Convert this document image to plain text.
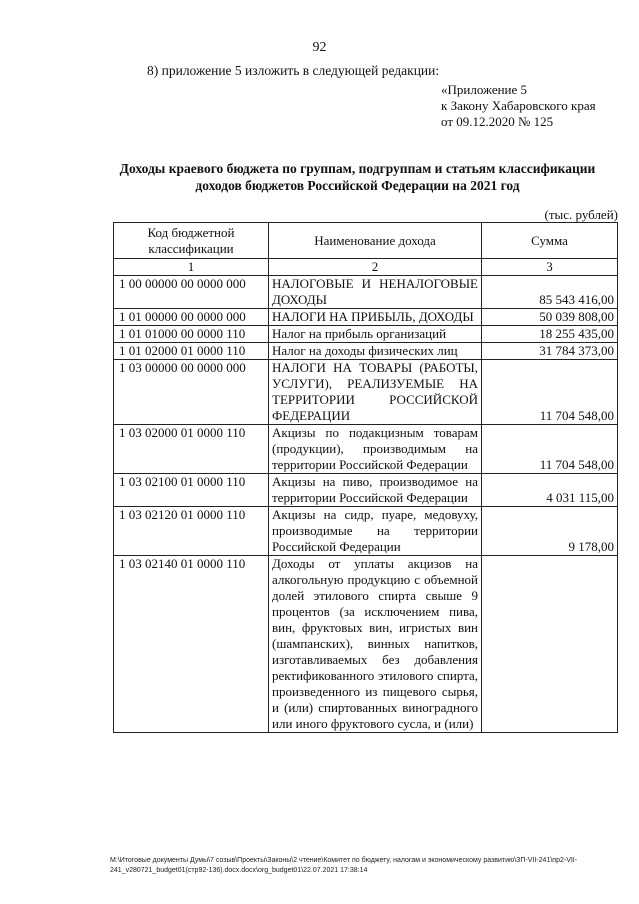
92
8) приложение 5 изложить в следующей редакции:
«Приложение 5
к Закону Хабаровского края
от 09.12.2020 № 125
Доходы краевого бюджета по группам, подгруппам и статьям классификации
доходов бюджетов Российской Федерации на 2021 год
(тыс. рублей)
Код бюджетной классификации	Наименование дохода	Сумма
1	2	3
1 00 00000 00 0000 000	НАЛОГОВЫЕ И НЕНАЛОГОВЫЕ ДОХОДЫ	85 543 416,00
1 01 00000 00 0000 000	НАЛОГИ НА ПРИБЫЛЬ, ДОХОДЫ	50 039 808,00
1 01 01000 00 0000 110	Налог на прибыль организаций	18 255 435,00
1 01 02000 01 0000 110	Налог на доходы физических лиц	31 784 373,00
1 03 00000 00 0000 000	НАЛОГИ НА ТОВАРЫ (РАБОТЫ, УСЛУГИ), РЕАЛИЗУЕМЫЕ НА ТЕРРИТОРИИ РОССИЙСКОЙ ФЕДЕРАЦИИ	11 704 548,00
1 03 02000 01 0000 110	Акцизы по подакцизным товарам (продукции), производимым на территории Российской Федерации	11 704 548,00
1 03 02100 01 0000 110	Акцизы на пиво, производимое на территории Российской Федерации	4 031 115,00
1 03 02120 01 0000 110	Акцизы на сидр, пуаре, медовуху, производимые на территории Российской Федерации	9 178,00
1 03 02140 01 0000 110	Доходы от уплаты акцизов на алкогольную продукцию с объемной долей этилового спирта свыше 9 процентов (за исключением пива, вин, фруктовых вин, игристых вин (шампанских), винных напитков, изготавливаемых без добавления ректификованного этилового спирта, произведенного из пищевого сырья, и (или) спиртованных виноградного или иного фруктового сусла, и (или)	
M:\Итоговые документы Думы\7 созыв\Проекты\Законы\2 чтение\Комитет по бюджету, налогам и экономическому развитию\ЗП-VII-241\пр2-VII-241_v280721_budget01(стр92-136).docx.docx\org_budget01\22.07.2021 17:38:14
